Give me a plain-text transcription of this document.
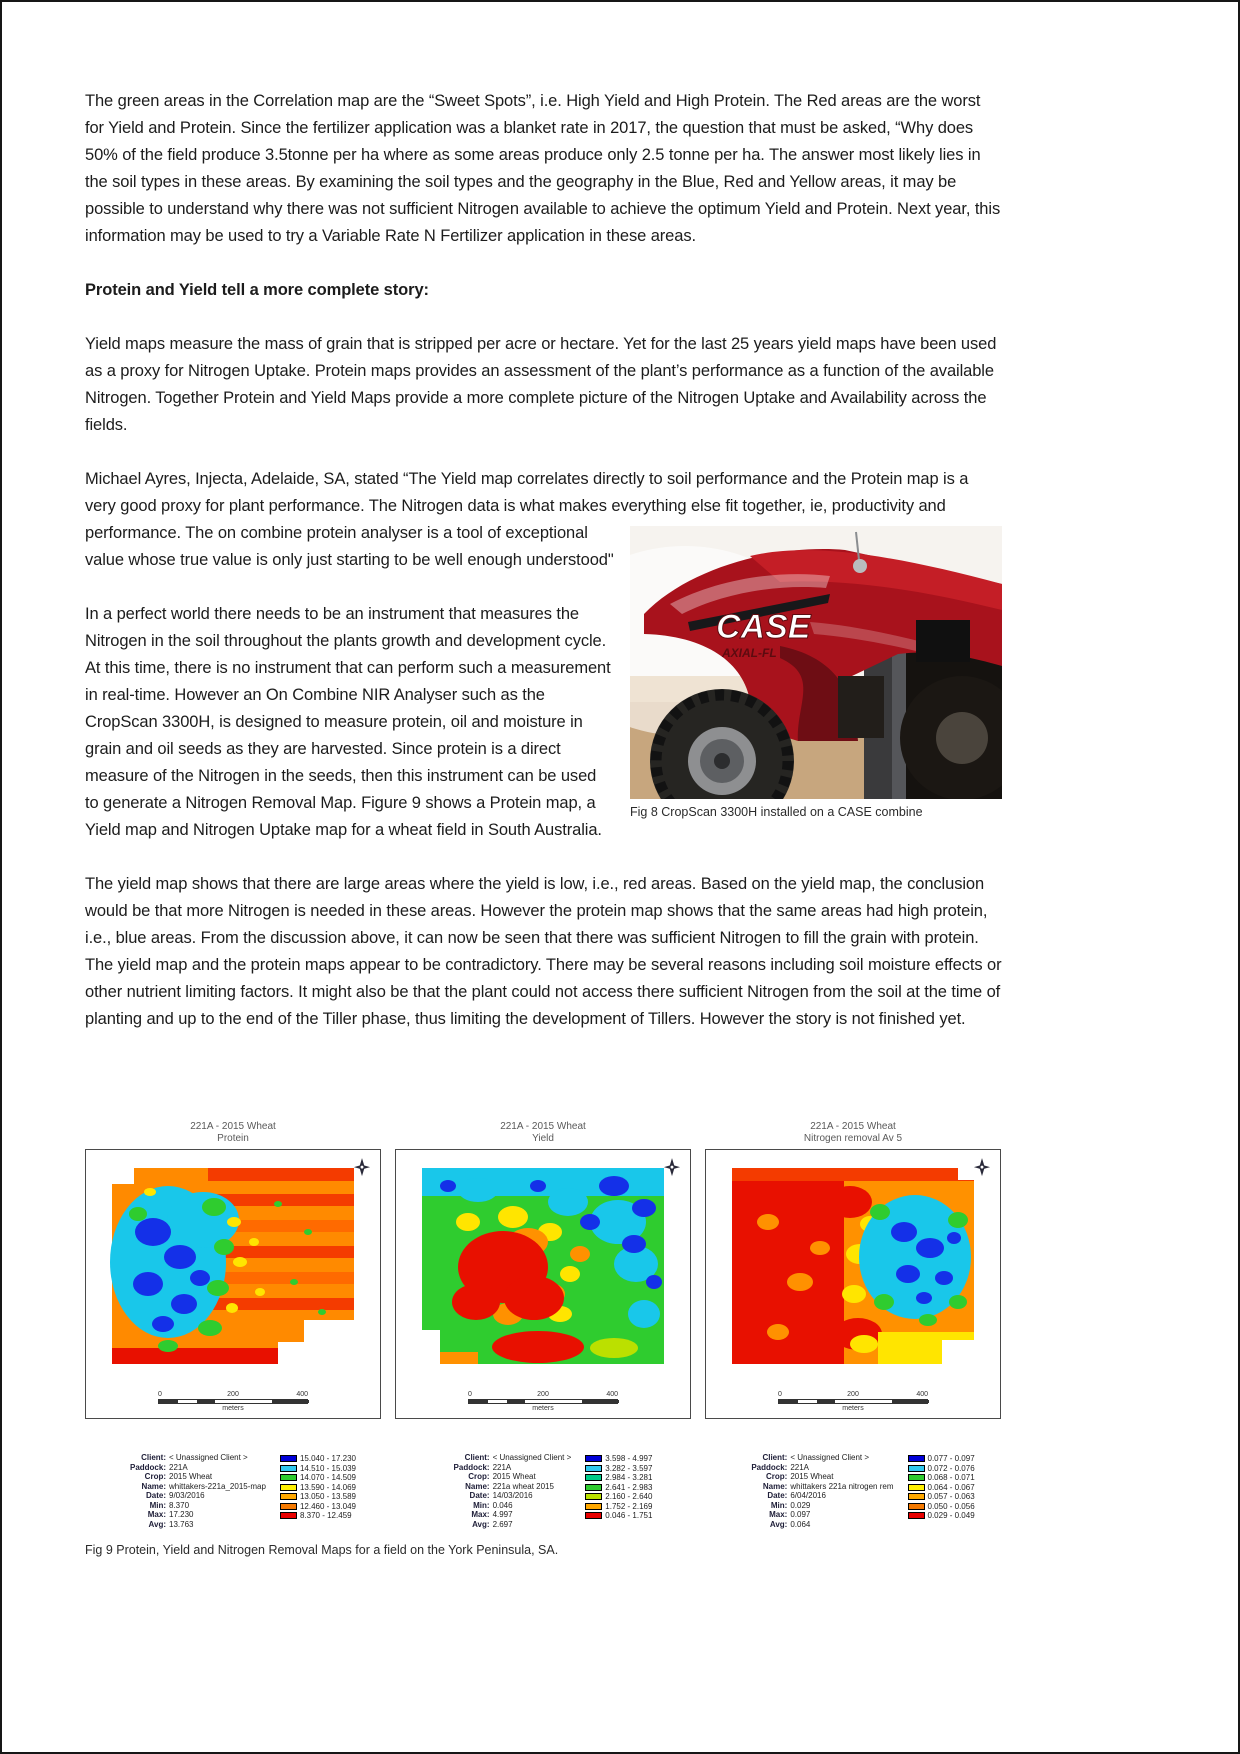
The green areas in the Correlation map are the “Sweet Spots”, i.e. High Yield and High Protein. The Red areas are the worst for Yield and Protein. Since the fertilizer application was a blanket rate in 2017, the question that must be asked, “Why does 50% of the field produce 3.5tonne per ha where as some areas produce only 2.5 tonne per ha. The answer most likely lies in the soil types in these areas. By examining the soil types and the geography in the Blue, Red and Yellow areas, it may be possible to understand why there was not sufficient Nitrogen available to achieve the optimum Yield and Protein. Next year, this information may be used to try a Variable Rate N Fertilizer application in these areas.
Protein and Yield tell a more complete story:
Yield maps measure the mass of grain that is stripped per acre or hectare. Yet for the last 25 years yield maps have been used as a proxy for Nitrogen Uptake. Protein maps provides an assessment of the plant’s performance as a function of the available Nitrogen. Together Protein and Yield Maps provide a more complete picture of the Nitrogen Uptake and Availability across the fields.
Michael Ayres, Injecta, Adelaide, SA, stated “The Yield map correlates directly to soil performance and the Protein map is a very good proxy for plant performance. The Nitrogen data is what makes everything else fit together, ie, productivity
CASE
AXIAL-FL
Fig 8 CropScan 3300H installed on a CASE combine
and performance. The on combine protein analyser is a tool of exceptional value whose true value is only just starting to be well enough understood"
In a perfect world there needs to be an instrument that measures the Nitrogen in the soil throughout the plants growth and development cycle. At this time, there is no instrument that can perform such a measurement in real-time. However an On Combine NIR Analyser such as the CropScan 3300H, is designed to measure protein, oil and moisture in grain and oil seeds as they are harvested. Since protein is a direct measure of the Nitrogen in the seeds, then this instrument can be used to generate a Nitrogen Removal Map. Figure 9 shows a Protein map, a Yield map and Nitrogen Uptake map for a wheat field in South Australia.
The yield map shows that there are large areas where the yield is low, i.e., red areas. Based on the yield map, the conclusion would be that more Nitrogen is needed in these areas. However the protein map shows that the same areas had high protein, i.e., blue areas. From the discussion above, it can now be seen that there was sufficient Nitrogen to fill the grain with protein. The yield map and the protein maps appear to be contradictory. There may be several reasons including soil moisture effects or other nutrient limiting factors. It might also be that the plant could not access there sufficient Nitrogen from the soil at the time of planting and up to the end of the Tiller phase, thus limiting the development of Tillers. However the story is not finished yet.
221A - 2015 Wheat
Protein
0	200	400
meters
221A - 2015 Wheat
Yield
0	200	400
meters
221A - 2015 Wheat
Nitrogen removal Av 5
0	200	400
meters
Client: < Unassigned Client >
Paddock: 221A
Crop: 2015 Wheat
Name: whittakers-221a_2015-map
Date: 9/03/2016
Min: 8.370
Max: 17.230
Avg: 13.763
15.040 - 17.230
14.510 - 15.039
14.070 - 14.509
13.590 - 14.069
13.050 - 13.589
12.460 - 13.049
8.370 - 12.459
Client: < Unassigned Client >
Paddock: 221A
Crop: 2015 Wheat
Name: 221a wheat 2015
Date: 14/03/2016
Min: 0.046
Max: 4.997
Avg: 2.697
3.598 - 4.997
3.282 - 3.597
2.984 - 3.281
2.641 - 2.983
2.160 - 2.640
1.752 - 2.169
0.046 - 1.751
Client: < Unassigned Client >
Paddock: 221A
Crop: 2015 Wheat
Name: whittakers 221a nitrogen rem
Date: 6/04/2016
Min: 0.029
Max: 0.097
Avg: 0.064
0.077 - 0.097
0.072 - 0.076
0.068 - 0.071
0.064 - 0.067
0.057 - 0.063
0.050 - 0.056
0.029 - 0.049
Fig 9 Protein, Yield and Nitrogen Removal Maps for a field on the York Peninsula, SA.
